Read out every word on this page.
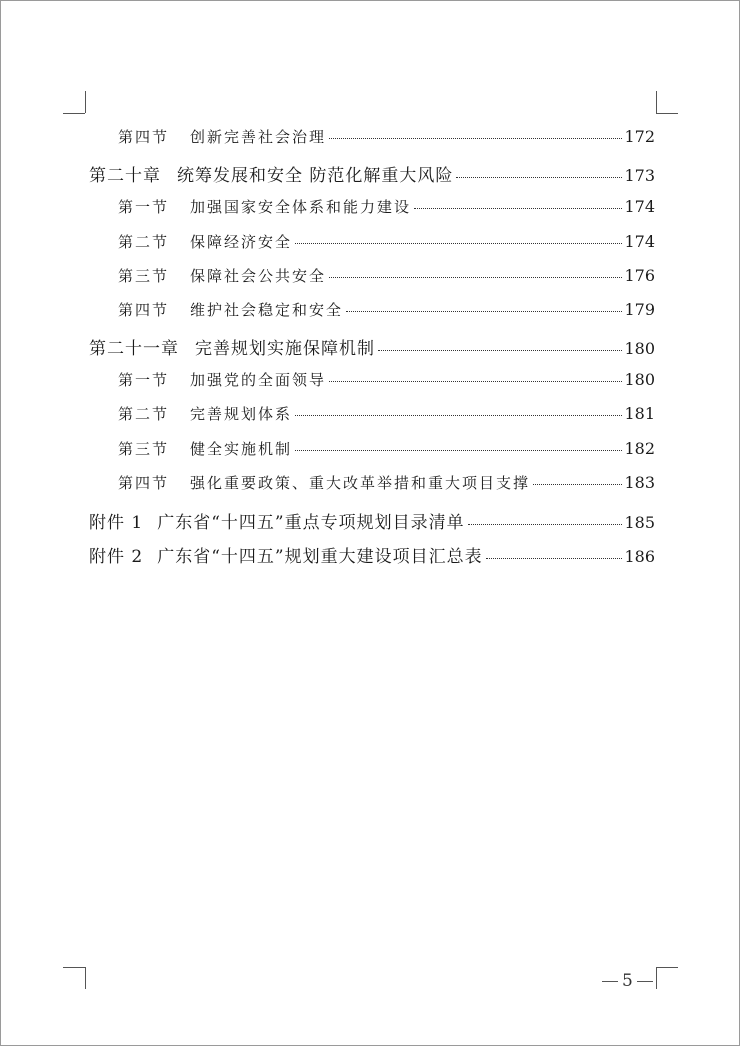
第四节	创新完善社会治理	172
第二十章 统筹发展和安全 防范化解重大风险	173
第一节	加强国家安全体系和能力建设	174
第二节	保障经济安全	174
第三节	保障社会公共安全	176
第四节	维护社会稳定和安全	179
第二十一章 完善规划实施保障机制	180
第一节	加强党的全面领导	180
第二节	完善规划体系	181
第三节	健全实施机制	182
第四节	强化重要政策、重大改革举措和重大项目支撑	183
附件 1 广东省“十四五”重点专项规划目录清单	185
附件 2 广东省“十四五”规划重大建设项目汇总表	186
5
